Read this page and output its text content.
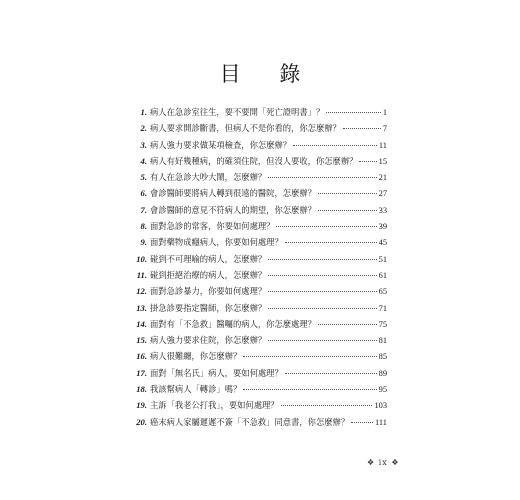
目 錄
1. 病人在急診室往生，要不要開「死亡證明書」？	1
2. 病人要求開診斷書，但病人不是你看的，你怎麼辦？	7
3. 病人強力要求做某項檢查，你怎麼辦？	11
4. 病人有好幾種病，的確須住院，但沒人要收，你怎麼辦？	15
5. 有人在急診大吵大鬧，怎麼辦？	21
6. 會診醫師要將病人轉到很遠的醫院，怎麼辦？	27
7. 會診醫師的意見不符病人的期望，你怎麼辦？	33
8. 面對急診的常客，你要如何處理？	39
9. 面對藥物成癮病人，你要如何處理？	45
10. 碰到不可理喻的病人，怎麼辦？	51
11. 碰到拒絕治療的病人，怎麼辦？	61
12. 面對急診暴力，你要如何處理？	65
13. 掛急診要指定醫師，你怎麼辦？	71
14. 面對有「不急救」醫囑的病人，你怎麼處理？	75
15. 病人強力要求住院，你怎麼辦？	81
16. 病人很難纏，你怎麼辦？	85
17. 面對「無名氏」病人，要如何處理？	89
18. 我該幫病人「轉診」嗎？	95
19. 主訴「我老公打我」，要如何處理？	103
20. 癌末病人家屬遲遲不簽「不急救」同意書，你怎麼辦？	111
❖ ix ❖
